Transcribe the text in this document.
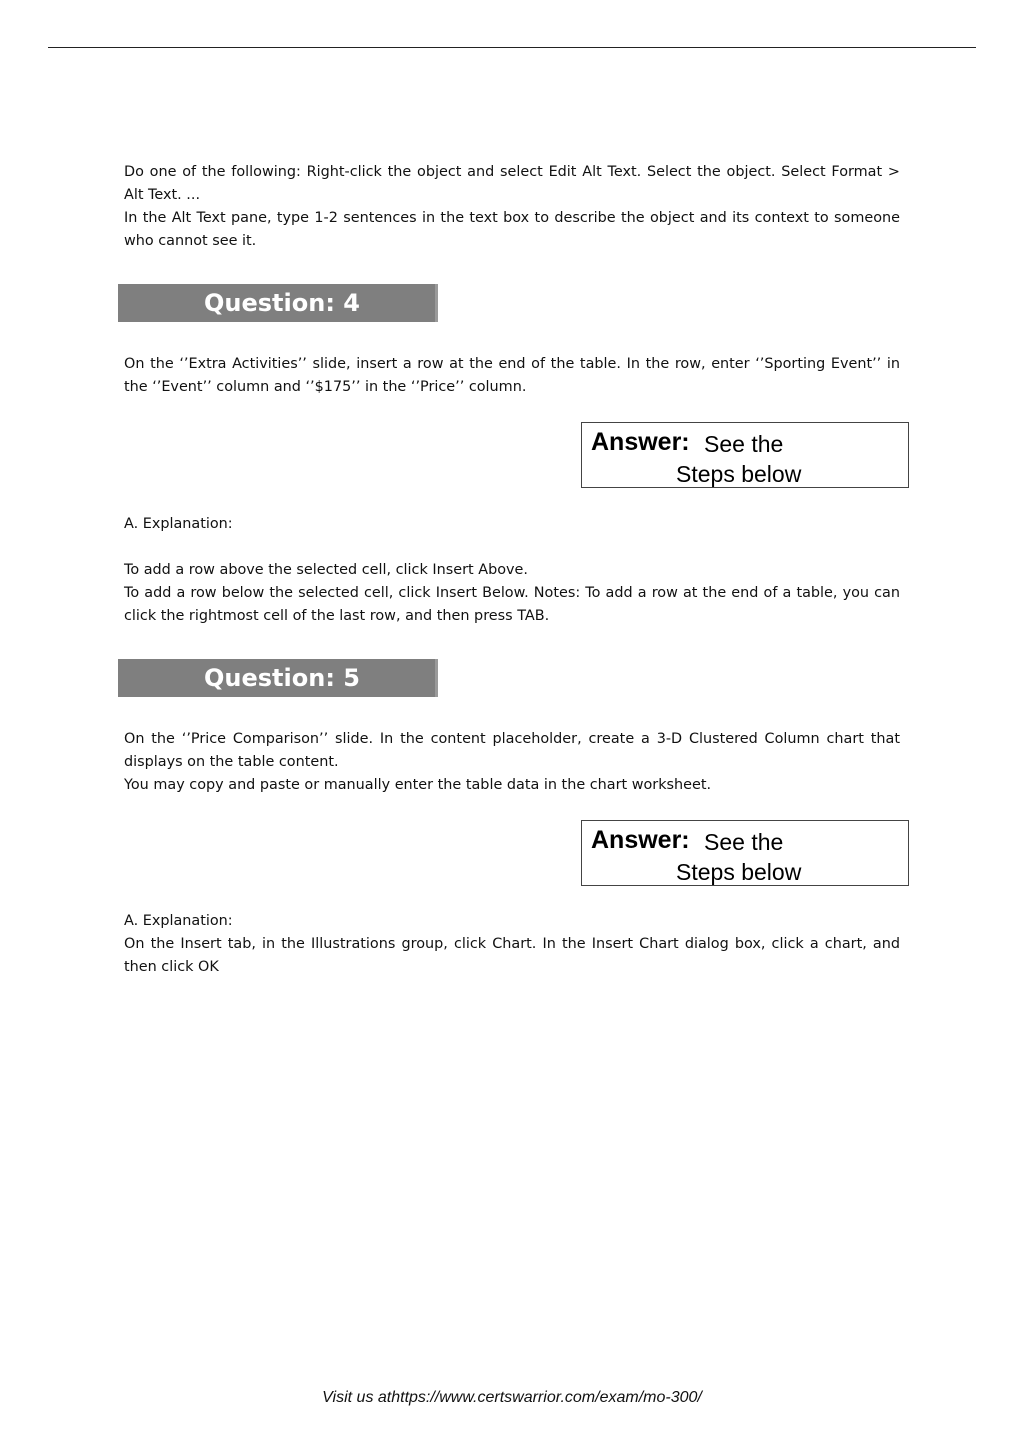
Do one of the following: Right-click the object and select Edit Alt Text. Select the object. Select Format > Alt Text. ...

In the Alt Text pane, type 1-2 sentences in the text box to describe the object and its context to someone who cannot see it.

Question: 4

On the ‘’Extra Activities’’ slide, insert a row at the end of the table. In the row, enter ‘’Sporting Event’’ in the ‘’Event’’ column and ‘’$175’’ in the ‘’Price’’ column.

Answer: See the
Steps below

A. Explanation:

To add a row above the selected cell, click Insert Above.

To add a row below the selected cell, click Insert Below. Notes: To add a row at the end of a table, you can click the rightmost cell of the last row, and then press TAB.

Question: 5

On the ‘’Price Comparison’’ slide. In the content placeholder, create a 3-D Clustered Column chart that displays on the table content.

You may copy and paste or manually enter the table data in the chart worksheet.

Answer: See the
Steps below

A. Explanation:

On the Insert tab, in the Illustrations group, click Chart. In the Insert Chart dialog box, click a chart, and then click OK

Visit us athttps://www.certswarrior.com/exam/mo-300/
